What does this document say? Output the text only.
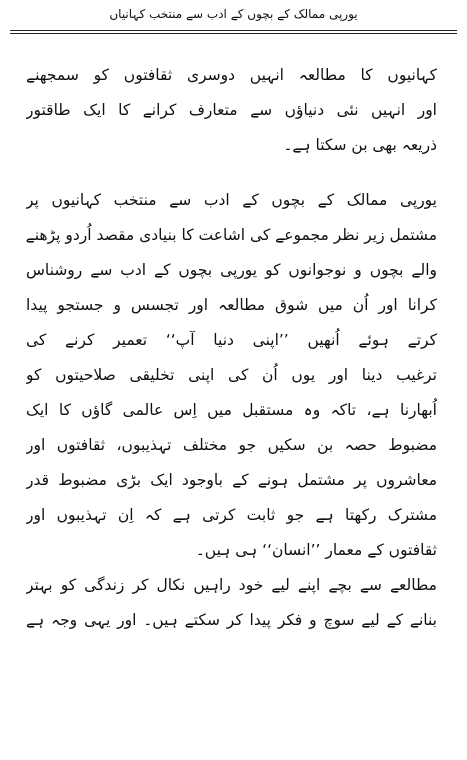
یورپی ممالک کے بچوں کے ادب سے منتخب کہانیاں
کہانیوں کا مطالعہ انہیں دوسری ثقافتوں کو سمجھنے
اور انہیں نئی دنیاؤں سے متعارف کرانے کا ایک طاقتور
ذریعہ بھی بن سکتا ہے۔
یورپی ممالک کے بچوں کے ادب سے منتخب کہانیوں پر
مشتمل زیر نظر مجموعے کی اشاعت کا بنیادی مقصد اُردو پڑھنے
والے بچوں و نوجوانوں کو یورپی بچوں کے ادب سے روشناس
کرانا اور اُن میں شوق مطالعہ اور تجسس و جستجو پیدا
کرتے ہوئے اُنھیں ’’اپنی دنیا آپ‘‘ تعمیر کرنے کی
ترغیب دینا اور یوں اُن کی اپنی تخلیقی صلاحیتوں کو
اُبھارنا ہے، تاکہ وہ مستقبل میں اِس عالمی گاؤں کا ایک
مضبوط حصہ بن سکیں جو مختلف تہذیبوں، ثقافتوں اور
معاشروں پر مشتمل ہونے کے باوجود ایک بڑی مضبوط قدر
مشترک رکھتا ہے جو ثابت کرتی ہے کہ اِن تہذیبوں اور
ثقافتوں کے معمار ’’انسان‘‘ ہی ہیں۔
مطالعے سے بچے اپنے لیے خود راہیں نکال کر زندگی کو بہتر
بنانے کے لیے سوچ و فکر پیدا کر سکتے ہیں۔ اور یہی وجہ ہے
